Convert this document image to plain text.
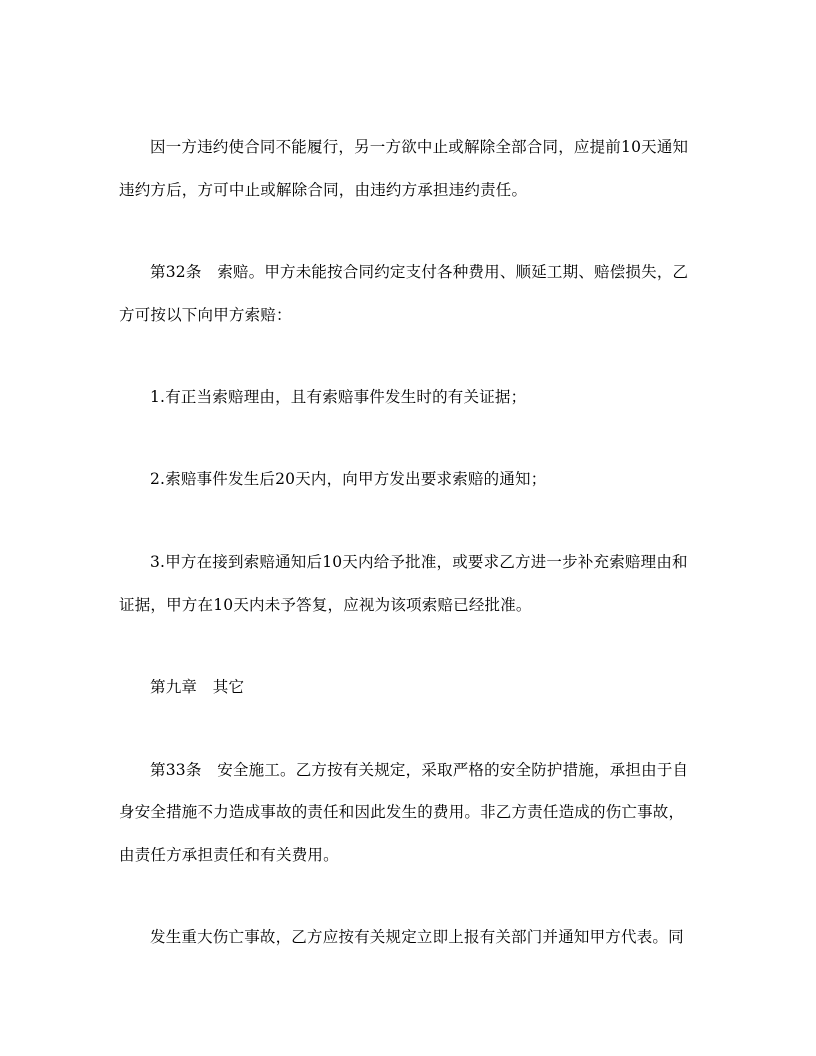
因一方违约使合同不能履行，另一方欲中止或解除全部合同，应提前10天通知
违约方后，方可中止或解除合同，由违约方承担违约责任。
第32条　索赔。甲方未能按合同约定支付各种费用、顺延工期、赔偿损失，乙
方可按以下向甲方索赔：
1.有正当索赔理由，且有索赔事件发生时的有关证据；
2.索赔事件发生后20天内，向甲方发出要求索赔的通知；
3.甲方在接到索赔通知后10天内给予批准，或要求乙方进一步补充索赔理由和
证据，甲方在10天内未予答复，应视为该项索赔已经批准。
第九章　其它
第33条　安全施工。乙方按有关规定，采取严格的安全防护措施，承担由于自
身安全措施不力造成事故的责任和因此发生的费用。非乙方责任造成的伤亡事故，
由责任方承担责任和有关费用。
发生重大伤亡事故，乙方应按有关规定立即上报有关部门并通知甲方代表。同
